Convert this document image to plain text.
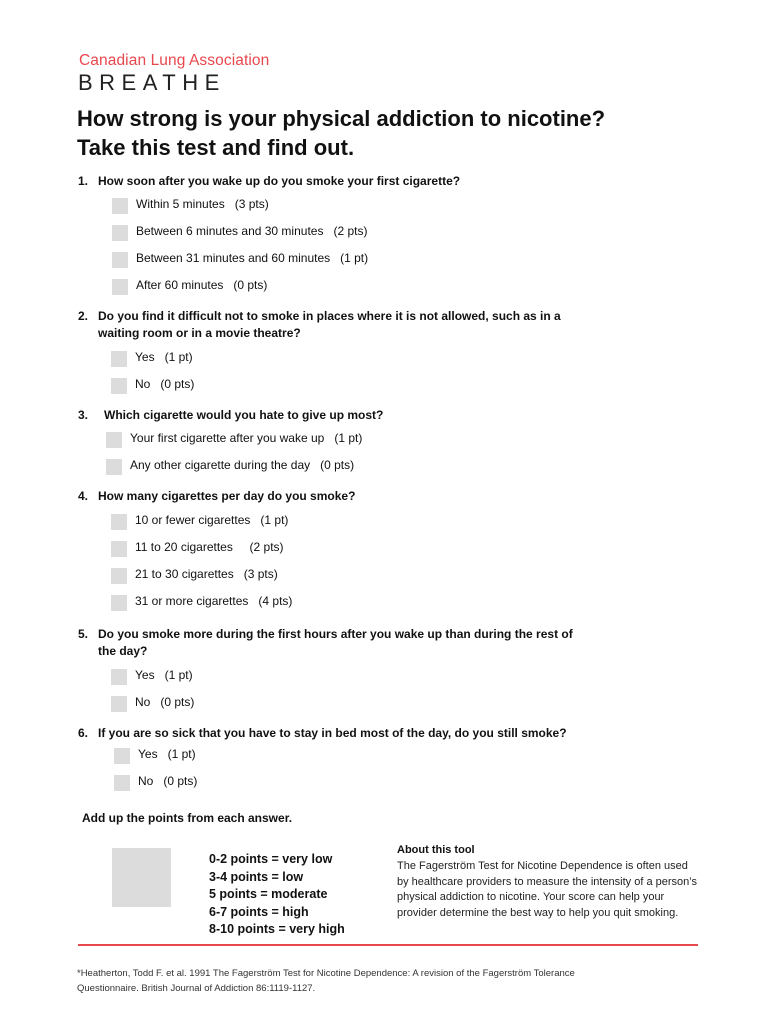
Canadian Lung Association
BREATHE
How strong is your physical addiction to nicotine?
Take this test and find out.
1. How soon after you wake up do you smoke your first cigarette?
Within 5 minutes   (3 pts)
Between 6 minutes and 30 minutes   (2 pts)
Between 31 minutes and 60 minutes   (1 pt)
After 60 minutes   (0 pts)
2. Do you find it difficult not to smoke in places where it is not allowed, such as in a
waiting room or in a movie theatre?
Yes   (1 pt)
No   (0 pts)
3. Which cigarette would you hate to give up most?
Your first cigarette after you wake up   (1 pt)
Any other cigarette during the day   (0 pts)
4. How many cigarettes per day do you smoke?
10 or fewer cigarettes   (1 pt)
11 to 20 cigarettes     (2 pts)
21 to 30 cigarettes   (3 pts)
31 or more cigarettes   (4 pts)
5. Do you smoke more during the first hours after you wake up than during the rest of
the day?
Yes   (1 pt)
No   (0 pts)
6. If you are so sick that you have to stay in bed most of the day, do you still smoke?
Yes   (1 pt)
No   (0 pts)
Add up the points from each answer.
0-2 points = very low
3-4 points = low
5 points = moderate
6-7 points = high
8-10 points = very high
About this tool
The Fagerström Test for Nicotine Dependence is often used by healthcare providers to measure the intensity of a person’s physical addiction to nicotine. Your score can help your provider determine the best way to help you quit smoking.
*Heatherton, Todd F. et al. 1991 The Fagerström Test for Nicotine Dependence: A revision of the Fagerström Tolerance
Questionnaire. British Journal of Addiction 86:1119-1127.
